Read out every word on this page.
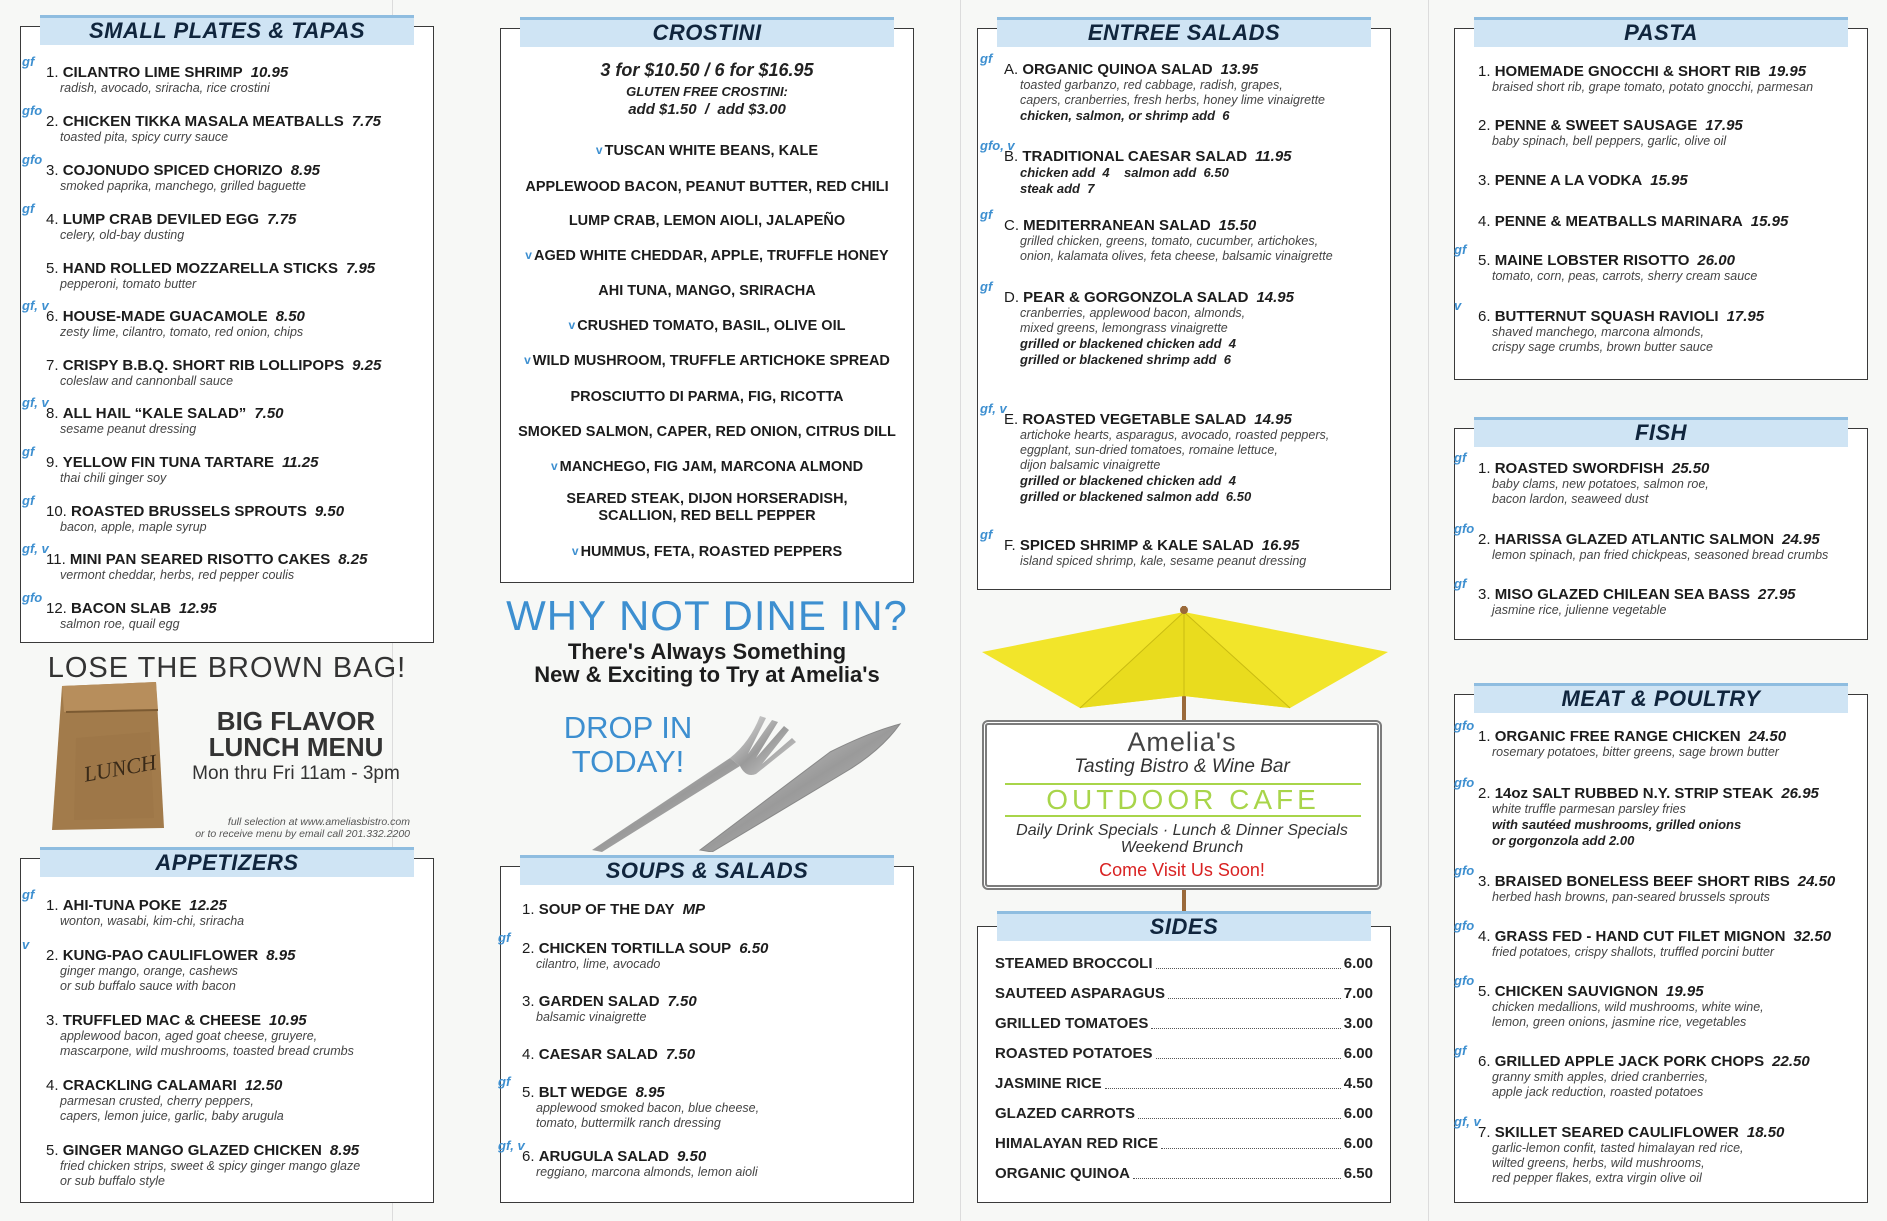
SMALL PLATES & TAPAS
gf
1. CILANTRO LIME SHRIMP 10.95
radish, avocado, sriracha, rice crostini
gfo
2. CHICKEN TIKKA MASALA MEATBALLS 7.75
toasted pita, spicy curry sauce
gfo
3. COJONUDO SPICED CHORIZO 8.95
smoked paprika, manchego, grilled baguette
gf
4. LUMP CRAB DEVILED EGG 7.75
celery, old-bay dusting
5. HAND ROLLED MOZZARELLA STICKS 7.95
pepperoni, tomato butter
gf, v
6. HOUSE-MADE GUACAMOLE 8.50
zesty lime, cilantro, tomato, red onion, chips
7. CRISPY B.B.Q. SHORT RIB LOLLIPOPS 9.25
coleslaw and cannonball sauce
gf, v
8. ALL HAIL “KALE SALAD” 7.50
sesame peanut dressing
gf
9. YELLOW FIN TUNA TARTARE 11.25
thai chili ginger soy
gf
10. ROASTED BRUSSELS SPROUTS 9.50
bacon, apple, maple syrup
gf, v
11. MINI PAN SEARED RISOTTO CAKES 8.25
vermont cheddar, herbs, red pepper coulis
gfo
12. BACON SLAB 12.95
salmon roe, quail egg
LOSE THE BROWN BAG!
LUNCH
BIG FLAVOR
LUNCH MENU
Mon thru Fri 11am - 3pm
full selection at www.ameliasbistro.com
or to receive menu by email call 201.332.2200
APPETIZERS
gf
1. AHI-TUNA POKE 12.25
wonton, wasabi, kim-chi, sriracha
v
2. KUNG-PAO CAULIFLOWER 8.95
ginger mango, orange, cashews
or sub buffalo sauce with bacon
3. TRUFFLED MAC & CHEESE 10.95
applewood bacon, aged goat cheese, gruyere,
mascarpone, wild mushrooms, toasted bread crumbs
4. CRACKLING CALAMARI 12.50
parmesan crusted, cherry peppers,
capers, lemon juice, garlic, baby arugula
5. GINGER MANGO GLAZED CHICKEN 8.95
fried chicken strips, sweet & spicy ginger mango glaze
or sub buffalo style
CROSTINI
3 for $10.50 / 6 for $16.95
GLUTEN FREE CROSTINI:
add $1.50  /  add $3.00
$^v$ TUSCAN WHITE BEANS, KALE
APPLEWOOD BACON, PEANUT BUTTER, RED CHILI
LUMP CRAB, LEMON AIOLI, JALAPEÑO
$^v$ AGED WHITE CHEDDAR, APPLE, TRUFFLE HONEY
AHI TUNA, MANGO, SRIRACHA
$^v$ CRUSHED TOMATO, BASIL, OLIVE OIL
$^v$ WILD MUSHROOM, TRUFFLE ARTICHOKE SPREAD
PROSCIUTTO DI PARMA, FIG, RICOTTA
SMOKED SALMON, CAPER, RED ONION, CITRUS DILL
$^v$ MANCHEGO, FIG JAM, MARCONA ALMOND
SEARED STEAK, DIJON HORSERADISH,
SCALLION, RED BELL PEPPER
$^v$ HUMMUS, FETA, ROASTED PEPPERS
WHY NOT DINE IN?
There's Always Something
New & Exciting to Try at Amelia's
DROP IN
TODAY!
SOUPS & SALADS
1. SOUP OF THE DAY MP
gf
2. CHICKEN TORTILLA SOUP 6.50
cilantro, lime, avocado
3. GARDEN SALAD 7.50
balsamic vinaigrette
4. CAESAR SALAD 7.50
gf
5. BLT WEDGE 8.95
applewood smoked bacon, blue cheese,
tomato, buttermilk ranch dressing
gf, v
6. ARUGULA SALAD 9.50
reggiano, marcona almonds, lemon aioli
ENTREE SALADS
gf
A. ORGANIC QUINOA SALAD 13.95
toasted garbanzo, red cabbage, radish, grapes,
capers, cranberries, fresh herbs, honey lime vinaigrette
chicken, salmon, or shrimp add  6
gfo, v
B. TRADITIONAL CAESAR SALAD 11.95
chicken add  4    salmon add  6.50
steak add  7
gf
C. MEDITERRANEAN SALAD 15.50
grilled chicken, greens, tomato, cucumber, artichokes,
onion, kalamata olives, feta cheese, balsamic vinaigrette
gf
D. PEAR & GORGONZOLA SALAD 14.95
cranberries, applewood bacon, almonds,
mixed greens, lemongrass vinaigrette
grilled or blackened chicken add  4
grilled or blackened shrimp add  6
gf, v
E. ROASTED VEGETABLE SALAD 14.95
artichoke hearts, asparagus, avocado, roasted peppers,
eggplant, sun-dried tomatoes, romaine lettuce,
dijon balsamic vinaigrette
grilled or blackened chicken add  4
grilled or blackened salmon add  6.50
gf
F. SPICED SHRIMP & KALE SALAD 16.95
island spiced shrimp, kale, sesame peanut dressing
Amelia's
Tasting Bistro & Wine Bar
OUTDOOR CAFE
Daily Drink Specials · Lunch & Dinner Specials
Weekend Brunch
Come Visit Us Soon!
SIDES
STEAMED BROCCOLI	6.00
SAUTEED ASPARAGUS	7.00
GRILLED TOMATOES	3.00
ROASTED POTATOES	6.00
JASMINE RICE	4.50
GLAZED CARROTS	6.00
HIMALAYAN RED RICE	6.00
ORGANIC QUINOA	6.50
PASTA
1. HOMEMADE GNOCCHI & SHORT RIB 19.95
braised short rib, grape tomato, potato gnocchi, parmesan
2. PENNE & SWEET SAUSAGE 17.95
baby spinach, bell peppers, garlic, olive oil
3. PENNE A LA VODKA 15.95
4. PENNE & MEATBALLS MARINARA 15.95
gf
5. MAINE LOBSTER RISOTTO 26.00
tomato, corn, peas, carrots, sherry cream sauce
v
6. BUTTERNUT SQUASH RAVIOLI 17.95
shaved manchego, marcona almonds,
crispy sage crumbs, brown butter sauce
FISH
gf
1. ROASTED SWORDFISH 25.50
baby clams, new potatoes, salmon roe,
bacon lardon, seaweed dust
gfo
2. HARISSA GLAZED ATLANTIC SALMON 24.95
lemon spinach, pan fried chickpeas, seasoned bread crumbs
gf
3. MISO GLAZED CHILEAN SEA BASS 27.95
jasmine rice, julienne vegetable
MEAT & POULTRY
gfo
1. ORGANIC FREE RANGE CHICKEN 24.50
rosemary potatoes, bitter greens, sage brown butter
gfo
2. 14oz SALT RUBBED N.Y. STRIP STEAK 26.95
white truffle parmesan parsley fries
with sautéed mushrooms, grilled onions
or gorgonzola add 2.00
gfo
3. BRAISED BONELESS BEEF SHORT RIBS 24.50
herbed hash browns, pan-seared brussels sprouts
gfo
4. GRASS FED - HAND CUT FILET MIGNON 32.50
fried potatoes, crispy shallots, truffled porcini butter
gfo
5. CHICKEN SAUVIGNON 19.95
chicken medallions, wild mushrooms, white wine,
lemon, green onions, jasmine rice, vegetables
gf
6. GRILLED APPLE JACK PORK CHOPS 22.50
granny smith apples, dried cranberries,
apple jack reduction, roasted potatoes
gf, v
7. SKILLET SEARED CAULIFLOWER 18.50
garlic-lemon confit, tasted himalayan red rice,
wilted greens, herbs, wild mushrooms,
red pepper flakes, extra virgin olive oil
